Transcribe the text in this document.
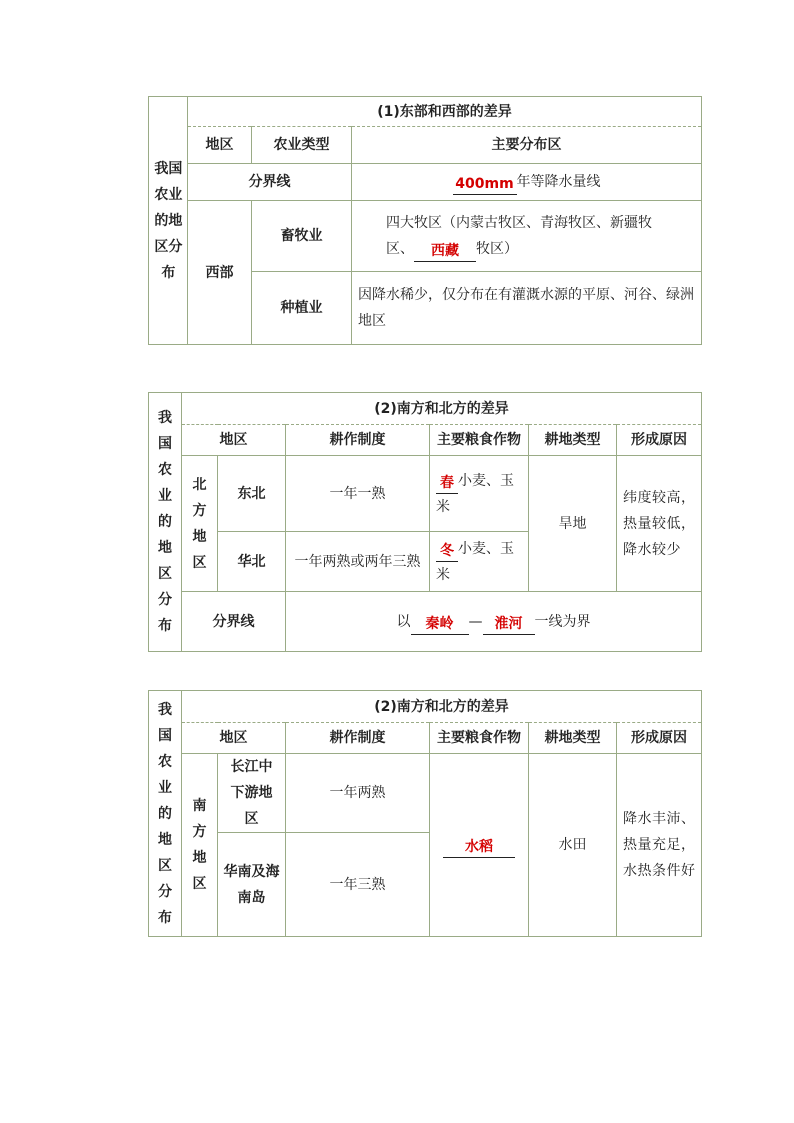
我国农业的地区分布	(1)东部和西部的差异		
	地区	农业类型	主要分布区
	分界线		400mm 年等降水量线
	西部	畜牧业	四大牧区（内蒙古牧区、青海牧区、新疆牧
区、 西藏 牧区）

		种植业	因降水稀少，仅分布在有灌溉水源的平原、河谷、绿洲地区
我国农业的地区分布	(2)南方和北方的差异					
	地区		耕作制度	主要粮食作物	耕地类型	形成原因

	北方地区	东北	一年一熟	春 小麦、玉米	旱地	纬度较高，热量较低，降水较少
		华北	一年两熟或两年三熟	冬 小麦、玉米		
	分界线		以 秦岭 — 淮河 一线为界			
我国农业的地区分布	(2)南方和北方的差异					
	地区		耕作制度	主要粮食作物	耕地类型	形成原因

	南方地区	长江中下游地区	一年两熟	水稻	水田	降水丰沛、热量充足，水热条件好

		华南及海南岛	一年三熟			
